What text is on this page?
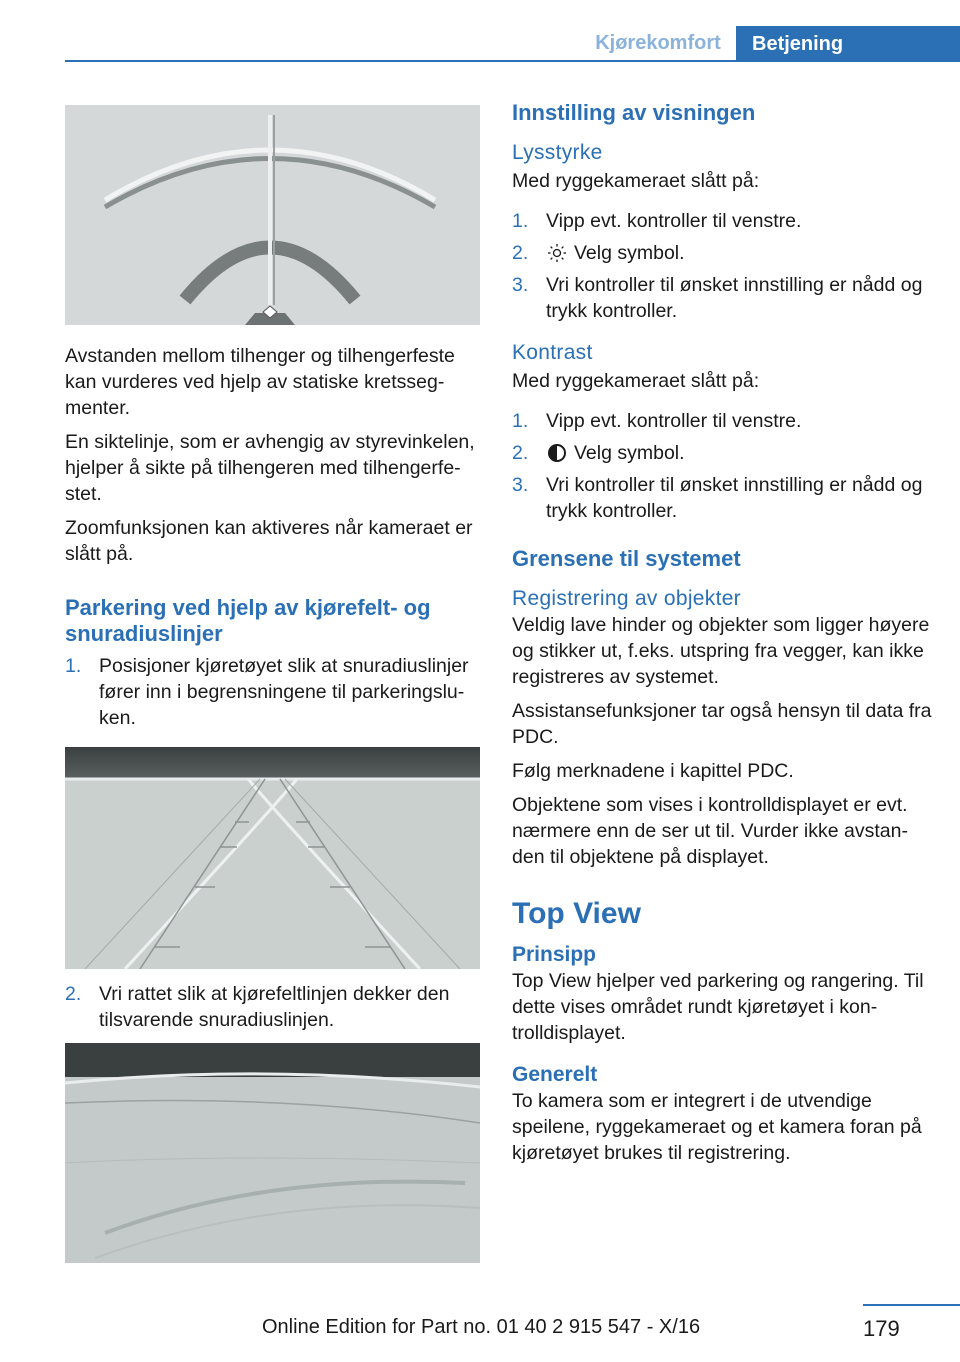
Kjørekomfort	Betjening

Avstanden mellom tilhenger og tilhengerfeste kan vurderes ved hjelp av statiske kretssegmenter.

En siktelinje, som er avhengig av styrevinkelen, hjelper å sikte på tilhengeren med tilhengerfestet.

Zoomfunksjonen kan aktiveres når kameraet er slått på.

Parkering ved hjelp av kjørefelt- og snuradiuslinjer
1. Posisjoner kjøretøyet slik at snuradiuslinjer fører inn i begrensningene til parkeringsluken.
2. Vri rattet slik at kjørefeltlinjen dekker den tilsvarende snuradiuslinjen.
Innstilling av visningen
Lysstyrke

Med ryggekameraet slått på:

1. Vipp evt. kontroller til venstre.
2. Velg symbol.
3. Vri kontroller til ønsket innstilling er nådd og trykk kontroller.
Kontrast

Med ryggekameraet slått på:

1. Vipp evt. kontroller til venstre.
2. Velg symbol.
3. Vri kontroller til ønsket innstilling er nådd og trykk kontroller.
Grensene til systemet
Registrering av objekter

Veldig lave hinder og objekter som ligger høyere og stikker ut, f.eks. utspring fra vegger, kan ikke registreres av systemet.

Assistansefunksjoner tar også hensyn til data fra PDC.

Følg merknadene i kapittel PDC.

Objektene som vises i kontrolldisplayet er evt. nærmere enn de ser ut til. Vurder ikke avstanden til objektene på displayet.

Top View
Prinsipp

Top View hjelper ved parkering og rangering. Til dette vises området rundt kjøretøyet i kontrolldisplayet.

Generelt

To kamera som er integrert i de utvendige speilene, ryggekameraet og et kamera foran på kjøretøyet brukes til registrering.

Online Edition for Part no. 01 40 2 915 547 - X/16	179
